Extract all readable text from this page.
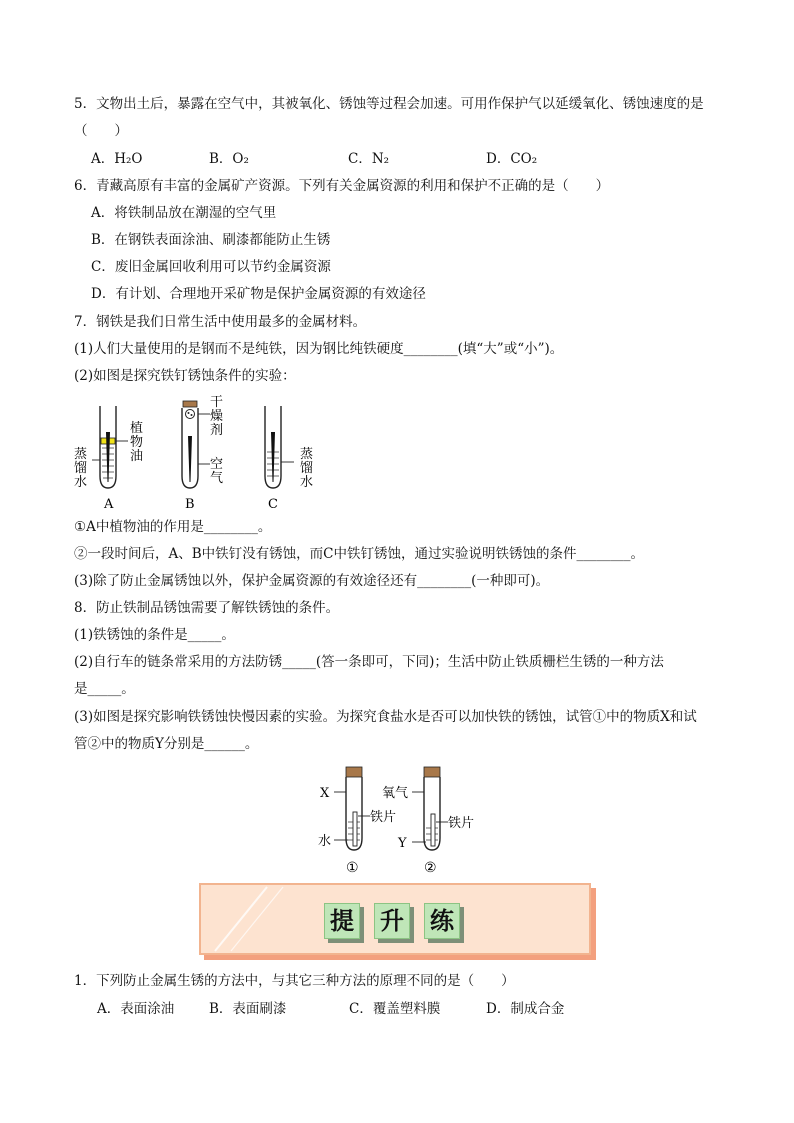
5．文物出土后，暴露在空气中，其被氧化、锈蚀等过程会加速。可用作保护气以延缓氧化、锈蚀速度的是
（　　）
A．H₂O	B．O₂	C．N₂	D．CO₂
6．青藏高原有丰富的金属矿产资源。下列有关金属资源的利用和保护不正确的是（　　）
A．将铁制品放在潮湿的空气里
B．在钢铁表面涂油、刷漆都能防止生锈
C．废旧金属回收利用可以节约金属资源
D．有计划、合理地开采矿物是保护金属资源的有效途径
7．钢铁是我们日常生活中使用最多的金属材料。
(1)人们大量使用的是钢而不是纯铁，因为钢比纯铁硬度________(填“大”或“小”)。
(2)如图是探究铁钉锈蚀条件的实验：
植
物
油
蒸
馏
水
A
干
燥
剂
空
气
B
蒸
馏
水
C
①A中植物油的作用是________。
②一段时间后，A、B中铁钉没有锈蚀，而C中铁钉锈蚀，通过实验说明铁锈蚀的条件________。
(3)除了防止金属锈蚀以外，保护金属资源的有效途径还有________(一种即可)。
8．防止铁制品锈蚀需要了解铁锈蚀的条件。
(1)铁锈蚀的条件是_____。
(2)自行车的链条常采用的方法防锈_____(答一条即可，下同)；生活中防止铁质栅栏生锈的一种方法
是_____。
(3)如图是探究影响铁锈蚀快慢因素的实验。为探究食盐水是否可以加快铁的锈蚀，试管①中的物质X和试
管②中的物质Y分别是______。
X
铁片
水
①
氧气
铁片
Y
②
提 升 练
1．下列防止金属生锈的方法中，与其它三种方法的原理不同的是（　　）
A．表面涂油	B．表面刷漆	C．覆盖塑料膜	D．制成合金
